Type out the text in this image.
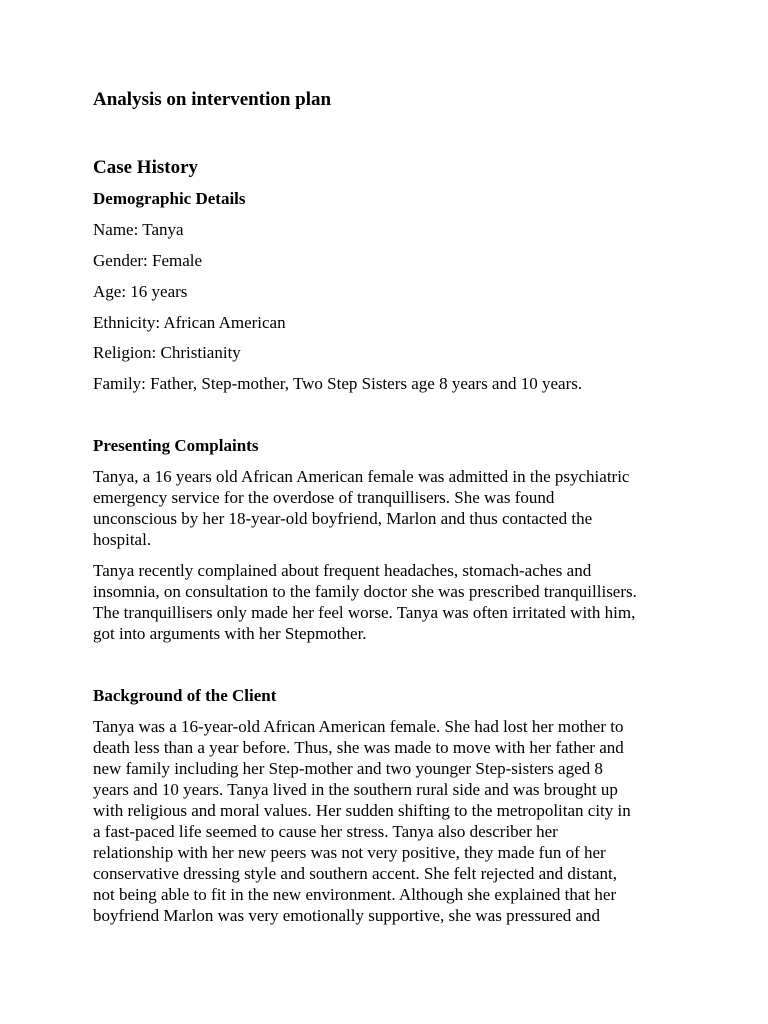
Analysis on intervention plan
Case History
Demographic Details

Name: Tanya

Gender: Female

Age: 16 years

Ethnicity: African American

Religion: Christianity

Family: Father, Step-mother, Two Step Sisters age 8 years and 10 years.

Presenting Complaints
Tanya, a 16 years old African American female was admitted in the psychiatric
emergency service for the overdose of tranquillisers. She was found
unconscious by her 18-year-old boyfriend, Marlon and thus contacted the
hospital.
Tanya recently complained about frequent headaches, stomach-aches and
insomnia, on consultation to the family doctor she was prescribed tranquillisers.
The tranquillisers only made her feel worse. Tanya was often irritated with him,
got into arguments with her Stepmother.
Background of the Client
Tanya was a 16-year-old African American female. She had lost her mother to
death less than a year before. Thus, she was made to move with her father and
new family including her Step-mother and two younger Step-sisters aged 8
years and 10 years. Tanya lived in the southern rural side and was brought up
with religious and moral values. Her sudden shifting to the metropolitan city in
a fast-paced life seemed to cause her stress. Tanya also describer her
relationship with her new peers was not very positive, they made fun of her
conservative dressing style and southern accent. She felt rejected and distant,
not being able to fit in the new environment. Although she explained that her
boyfriend Marlon was very emotionally supportive, she was pressured and
